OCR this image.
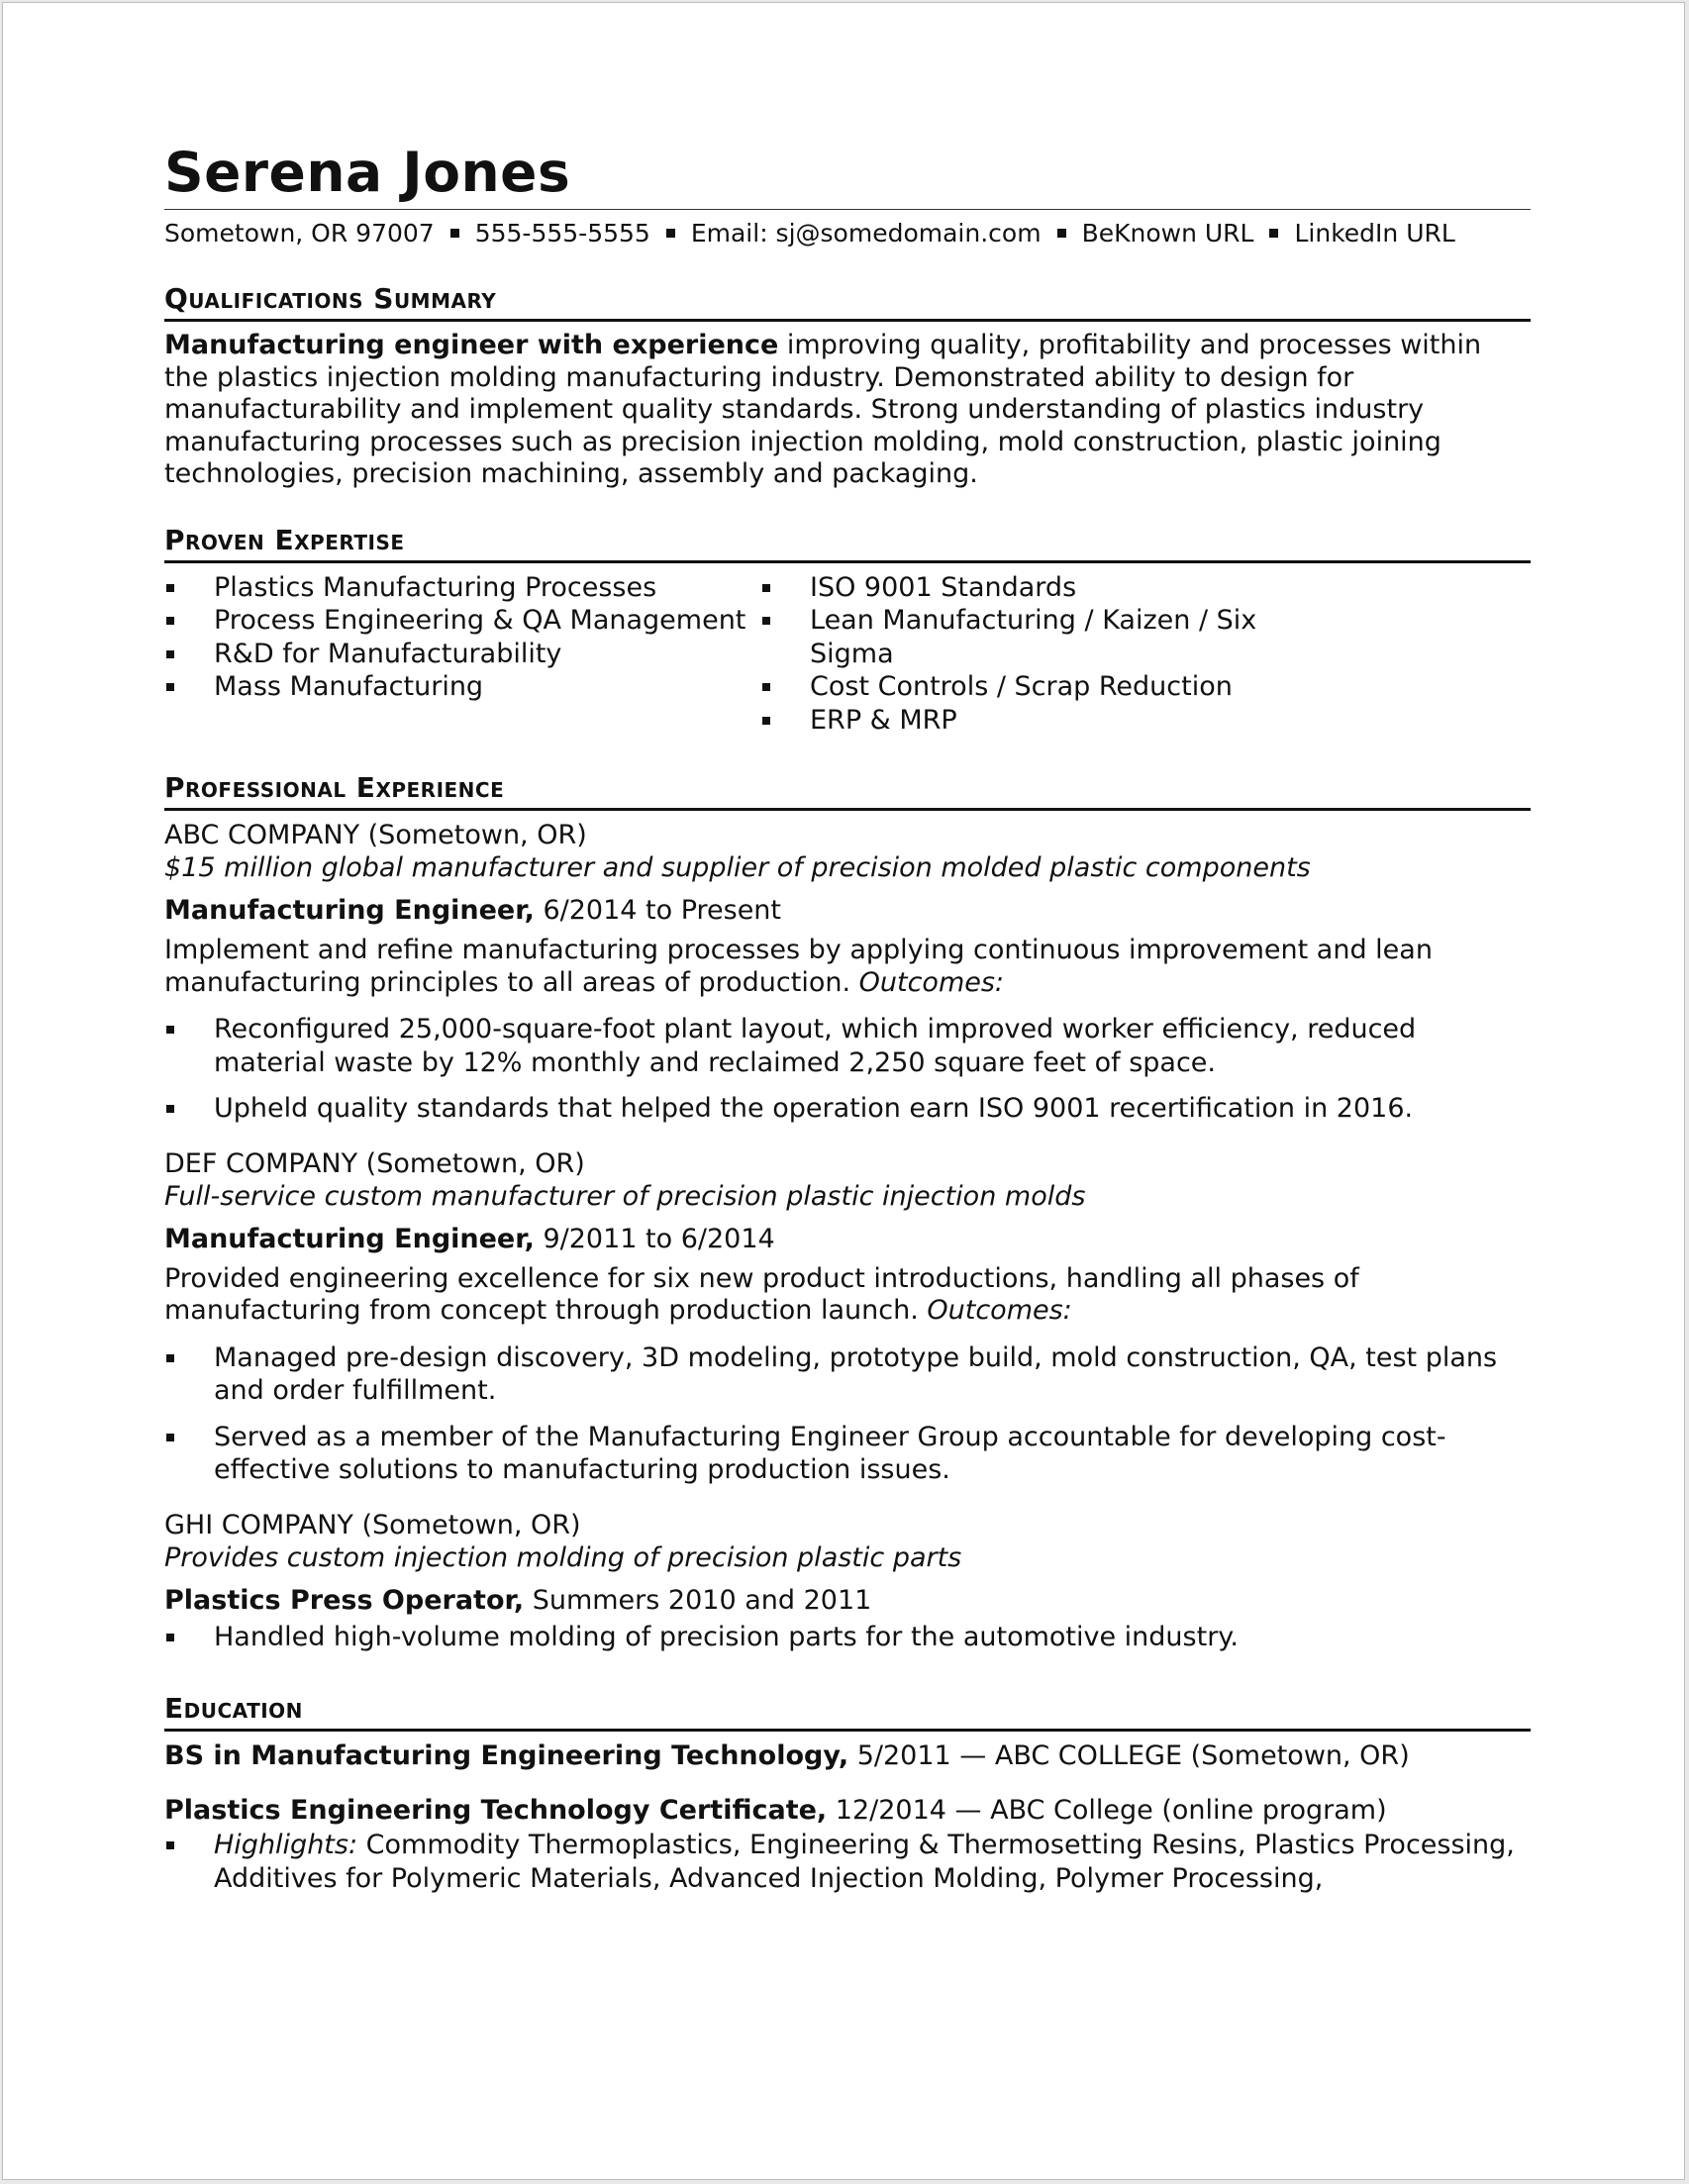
Serena Jones
Sometown, OR 97007 555-555-5555 Email: sj@somedomain.com BeKnown URL LinkedIn URL
Qualifications Summary
Manufacturing engineer with experience improving quality, profitability and processes within the plastics injection molding manufacturing industry. Demonstrated ability to design for manufacturability and implement quality standards. Strong understanding of plastics industry manufacturing processes such as precision injection molding, mold construction, plastic joining technologies, precision machining, assembly and packaging.
Proven Expertise
Plastics Manufacturing Processes
Process Engineering & QA Management
R&D for Manufacturability
Mass Manufacturing
ISO 9001 Standards
Lean Manufacturing / Kaizen / Six Sigma
Cost Controls / Scrap Reduction
ERP & MRP
Professional Experience
ABC COMPANY (Sometown, OR)
$15 million global manufacturer and supplier of precision molded plastic components
Manufacturing Engineer, 6/2014 to Present
Implement and refine manufacturing processes by applying continuous improvement and lean manufacturing principles to all areas of production. Outcomes:
Reconfigured 25,000-square-foot plant layout, which improved worker efficiency, reduced material waste by 12% monthly and reclaimed 2,250 square feet of space.
Upheld quality standards that helped the operation earn ISO 9001 recertification in 2016.
DEF COMPANY (Sometown, OR)
Full-service custom manufacturer of precision plastic injection molds
Manufacturing Engineer, 9/2011 to 6/2014
Provided engineering excellence for six new product introductions, handling all phases of manufacturing from concept through production launch. Outcomes:
Managed pre-design discovery, 3D modeling, prototype build, mold construction, QA, test plans and order fulfillment.
Served as a member of the Manufacturing Engineer Group accountable for developing cost-effective solutions to manufacturing production issues.
GHI COMPANY (Sometown, OR)
Provides custom injection molding of precision plastic parts
Plastics Press Operator, Summers 2010 and 2011
Handled high-volume molding of precision parts for the automotive industry.
Education
BS in Manufacturing Engineering Technology, 5/2011 — ABC COLLEGE (Sometown, OR)
Plastics Engineering Technology Certificate, 12/2014 — ABC College (online program)
Highlights: Commodity Thermoplastics, Engineering & Thermosetting Resins, Plastics Processing, Additives for Polymeric Materials, Advanced Injection Molding, Polymer Processing,
